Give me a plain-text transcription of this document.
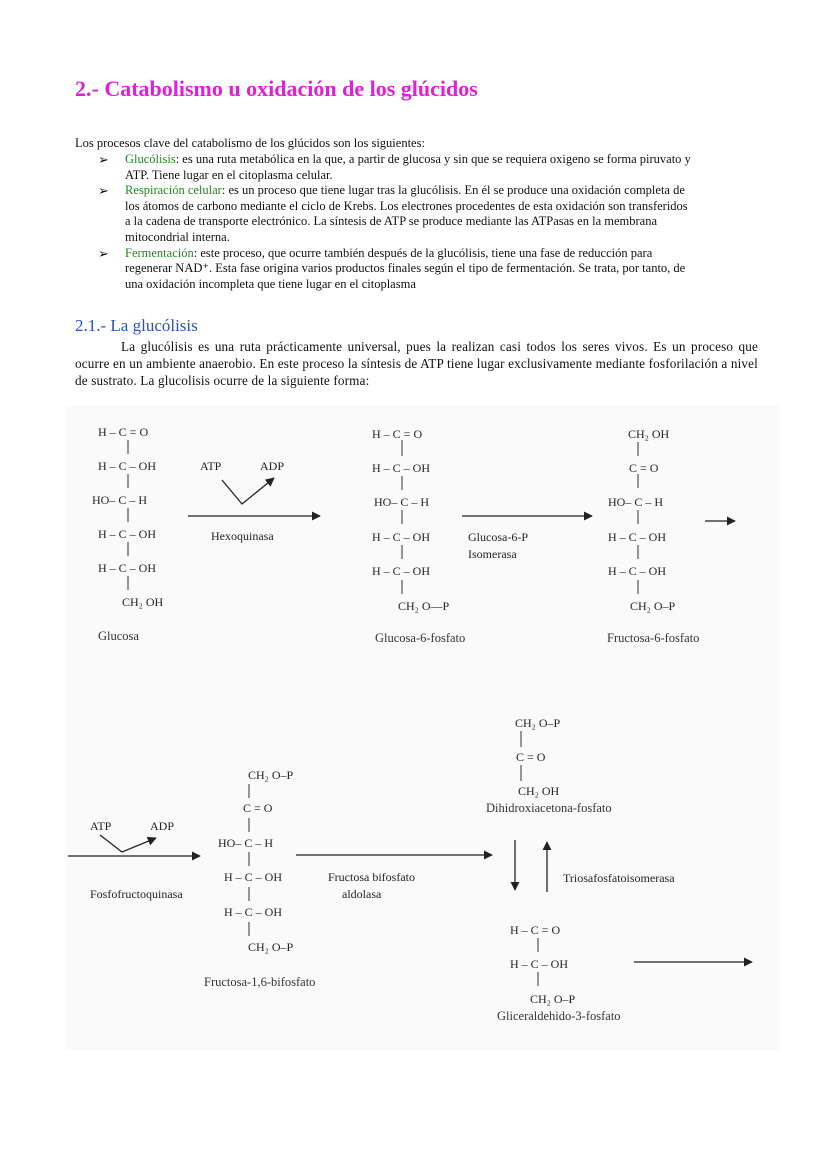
2.- Catabolismo u oxidación de los glúcidos
Los procesos clave del catabolismo de los glúcidos son los siguientes:
➢ Glucólisis: es una ruta metabólica en la que, a partir de glucosa y sin que se requiera oxigeno se forma piruvato y
ATP. Tiene lugar en el citoplasma celular.
➢ Respiración celular: es un proceso que tiene lugar tras la glucólisis. En él se produce una oxidación completa de
los átomos de carbono mediante el ciclo de Krebs. Los electrones procedentes de esta oxidación son transferidos
a la cadena de transporte electrónico. La síntesis de ATP se produce mediante las ATPasas en la membrana
mitocondrial interna.
➢ Fermentación: este proceso, que ocurre también después de la glucólisis, tiene una fase de reducción para
regenerar NAD⁺. Esta fase origina varios productos finales según el tipo de fermentación. Se trata, por tanto, de
una oxidación incompleta que tiene lugar en el citoplasma
2.1.- La glucólisis

La glucólisis es una ruta prácticamente universal, pues la realizan casi todos los seres vivos. Es un proceso que ocurre en un ambiente anaerobio. En este proceso la síntesis de ATP tiene lugar exclusivamente mediante fosforilación a nivel de sustrato. La glucolisis ocurre de la siguiente forma:

H – C = O
H – C – OH
HO– C – H
H – C – OH
H – C – OH
CH₂ OH
Glucosa
ATP	ADP
Hexoquinasa
H – C = O
H – C – OH
HO– C – H
H – C – OH
H – C – OH
CH₂ O—P
Glucosa-6-fosfato
Glucosa-6-P
Isomerasa
CH₂ OH
C = O
HO– C – H
H – C – OH
H – C – OH
CH₂ O–P
Fructosa-6-fosfato
ATP	ADP
Fosfofructoquinasa
CH₂ O–P
C = O
HO– C – H
H – C – OH
H – C – OH
CH₂ O–P
Fructosa-1,6-bifosfato
Fructosa bifosfato
aldolasa
CH₂ O–P
C = O
CH₂ OH
Dihidroxiacetona-fosfato
Triosafosfatoisomerasa
H – C = O
H – C – OH
CH₂ O–P
Gliceraldehido-3-fosfato
